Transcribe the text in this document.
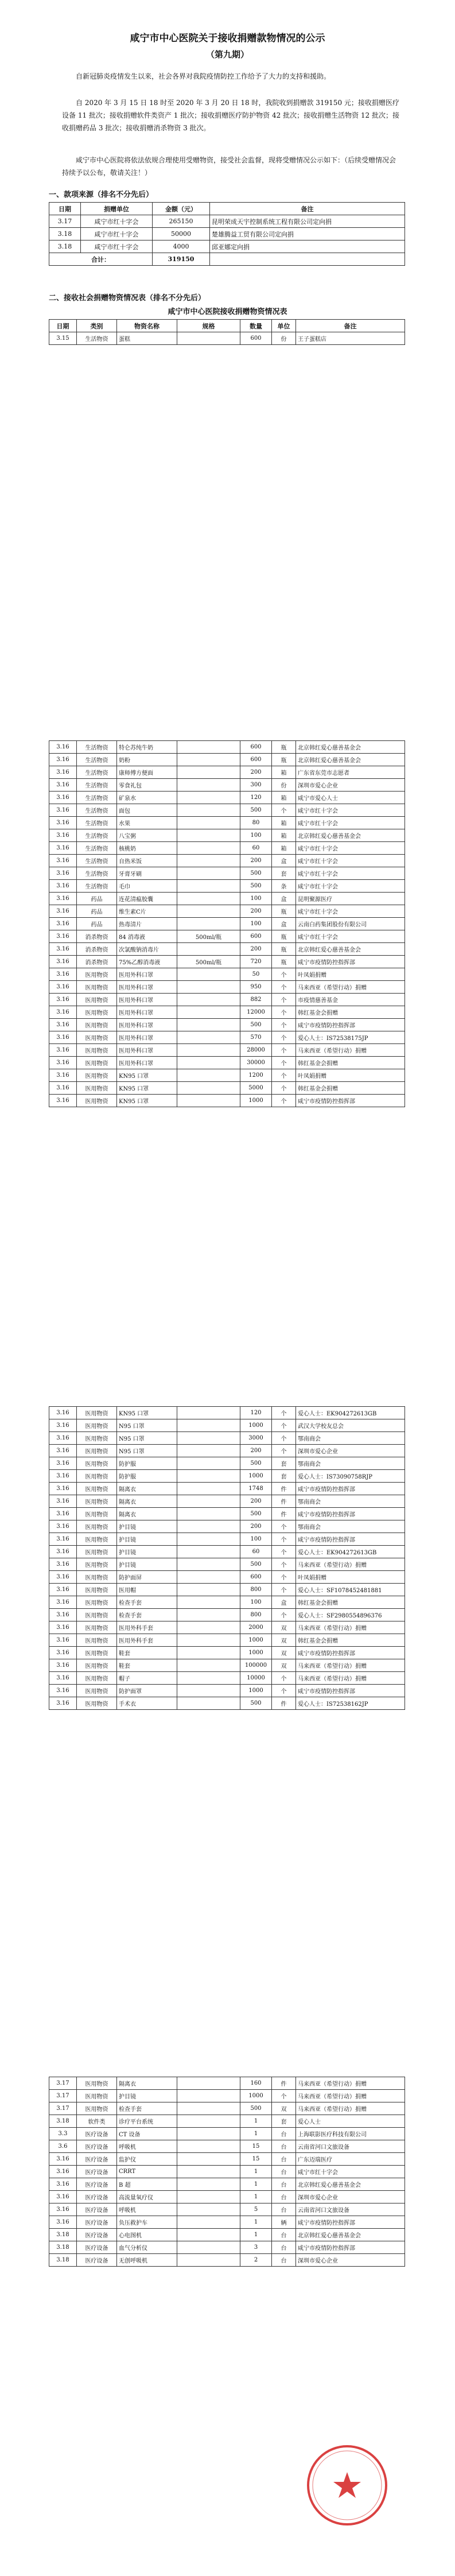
咸宁市中心医院关于接收捐赠款物情况的公示
（第九期）

自新冠肺炎疫情发生以来，社会各界对我院疫情防控工作给予了大力的支持和援助。

自 2020 年 3 月 15 日 18 时至 2020 年 3 月 20 日 18 时，我院收到捐赠款 319150 元；接收捐赠医疗设备 11 批次；接收捐赠软件类资产 1 批次；接收捐赠医疗防护物资 42 批次；接收捐赠生活物资 12 批次；接收捐赠药品 3 批次；接收捐赠消杀物资 3 批次。

咸宁市中心医院将依法依规合理使用受赠物资，接受社会监督，现将受赠情况公示如下：（后续受赠情况会持续予以公布，敬请关注！）

一、款项来源（排名不分先后）

日期	捐赠单位	金额（元）	备注
3.17	咸宁市红十字会	265150	昆明荣成天宇控制系统工程有限公司定向捐
3.18	咸宁市红十字会	50000	楚雄腾益工贸有限公司定向捐
3.18	咸宁市红十字会	4000	邱亚娜定向捐
合计：		319150	

二、接收社会捐赠物资情况表（排名不分先后）

咸宁市中心医院接收捐赠物资情况表

日期	类别	物资名称	规格	数量	单位	备注
3.15	生活物资	蛋糕		600	份	王子蛋糕店
3.16	生活物资	特仑苏纯牛奶		600	瓶	北京韩红爱心慈善基金会
3.16	生活物资	奶粉		600	瓶	北京韩红爱心慈善基金会
3.16	生活物资	康师傅方便面		200	箱	广东省东莞市志愿者
3.16	生活物资	零食礼包		300	份	深圳市爱心企业
3.16	生活物资	矿泉水		120	箱	咸宁市爱心人士
3.16	生活物资	面包		500	个	咸宁市红十字会
3.16	生活物资	水果		80	箱	咸宁市红十字会
3.16	生活物资	八宝粥		100	箱	北京韩红爱心慈善基金会
3.16	生活物资	核桃奶		60	箱	咸宁市红十字会
3.16	生活物资	自热米饭		200	盒	咸宁市红十字会
3.16	生活物资	牙膏牙刷		500	套	咸宁市红十字会
3.16	生活物资	毛巾		500	条	咸宁市红十字会
3.16	药品	连花清瘟胶囊		100	盒	昆明聚源医疗
3.16	药品	维生素C片		200	瓶	咸宁市红十字会
3.16	药品	热毒清片		100	盒	云南白药集团股份有限公司
3.16	消杀物资	84 消毒液	500ml/瓶	600	瓶	咸宁市红十字会
3.16	消杀物资	次氯酸钠消毒片		200	瓶	北京韩红爱心慈善基金会
3.16	消杀物资	75%乙醇消毒液	500ml/瓶	720	瓶	咸宁市疫情防控指挥部
3.16	医用物资	医用外科口罩		50	个	叶凤娟捐赠
3.16	医用物资	医用外科口罩		950	个	马来西亚（希望行动）捐赠
3.16	医用物资	医用外科口罩		882	个	市疫情慈善基金
3.16	医用物资	医用外科口罩		12000	个	韩红基金会捐赠
3.16	医用物资	医用外科口罩		500	个	咸宁市疫情防控指挥部
3.16	医用物资	医用外科口罩		570	个	爱心人士：IS72538175JP
3.16	医用物资	医用外科口罩		28000	个	马来西亚（希望行动）捐赠
3.16	医用物资	医用外科口罩		30000	个	韩红基金会捐赠
3.16	医用物资	KN95 口罩		1200	个	叶凤娟捐赠
3.16	医用物资	KN95 口罩		5000	个	韩红基金会捐赠
3.16	医用物资	KN95 口罩		1000	个	咸宁市疫情防控指挥部
3.16	医用物资	KN95 口罩		120	个	爱心人士：EK904272613GB
3.16	医用物资	N95 口罩		1000	个	武汉大学校友总会
3.16	医用物资	N95 口罩		3000	个	鄂南商会
3.16	医用物资	N95 口罩		200	个	深圳市爱心企业
3.16	医用物资	防护服		500	套	鄂南商会
3.16	医用物资	防护服		1000	套	爱心人士：IS73090758RJP
3.16	医用物资	隔离衣		1748	件	咸宁市疫情防控指挥部
3.16	医用物资	隔离衣		200	件	鄂南商会
3.16	医用物资	隔离衣		500	件	咸宁市疫情防控指挥部
3.16	医用物资	护目镜		200	个	鄂南商会
3.16	医用物资	护目镜		100	个	咸宁市疫情防控指挥部
3.16	医用物资	护目镜		60	个	爱心人士：EK904272613GB
3.16	医用物资	护目镜		500	个	马来西亚（希望行动）捐赠
3.16	医用物资	防护面屏		600	个	叶凤娟捐赠
3.16	医用物资	医用帽		800	个	爱心人士：SF1078452481881
3.16	医用物资	检查手套		100	盒	韩红基金会捐赠
3.16	医用物资	检查手套		800	个	爱心人士：SF2980554896376
3.16	医用物资	医用外科手套		2000	双	马来西亚（希望行动）捐赠
3.16	医用物资	医用外科手套		1000	双	韩红基金会捐赠
3.16	医用物资	鞋套		1000	双	咸宁市疫情防控指挥部
3.16	医用物资	鞋套		100000	双	马来西亚（希望行动）捐赠
3.16	医用物资	帽子		10000	个	马来西亚（希望行动）捐赠
3.16	医用物资	防护面罩		1000	个	咸宁市疫情防控指挥部
3.16	医用物资	手术衣		500	件	爱心人士：IS72538162JP
3.17	医用物资	隔离衣		160	件	马来西亚（希望行动）捐赠
3.17	医用物资	护目镜		1000	个	马来西亚（希望行动）捐赠
3.17	医用物资	检查手套		500	双	马来西亚（希望行动）捐赠
3.18	软件类	诊疗平台系统		1	套	爱心人士
3.3	医疗设备	CT 设备		1	台	上海联影医疗科技有限公司
3.6	医疗设备	呼吸机		15	台	云南省河口文旅设备
3.16	医疗设备	监护仪		15	台	广东迈瑞医疗
3.16	医疗设备	CRRT		1	台	咸宁市红十字会
3.16	医疗设备	B 超		1	台	北京韩红爱心慈善基金会
3.16	医疗设备	高流量氧疗仪		1	台	深圳市爱心企业
3.16	医疗设备	呼吸机		5	台	云南省河口文旅设备
3.16	医疗设备	负压救护车		1	辆	咸宁市疫情防控指挥部
3.18	医疗设备	心电图机		1	台	北京韩红爱心慈善基金会
3.18	医疗设备	血气分析仪		3	台	咸宁市疫情防控指挥部
3.18	医疗设备	无创呼吸机		2	台	深圳市爱心企业
